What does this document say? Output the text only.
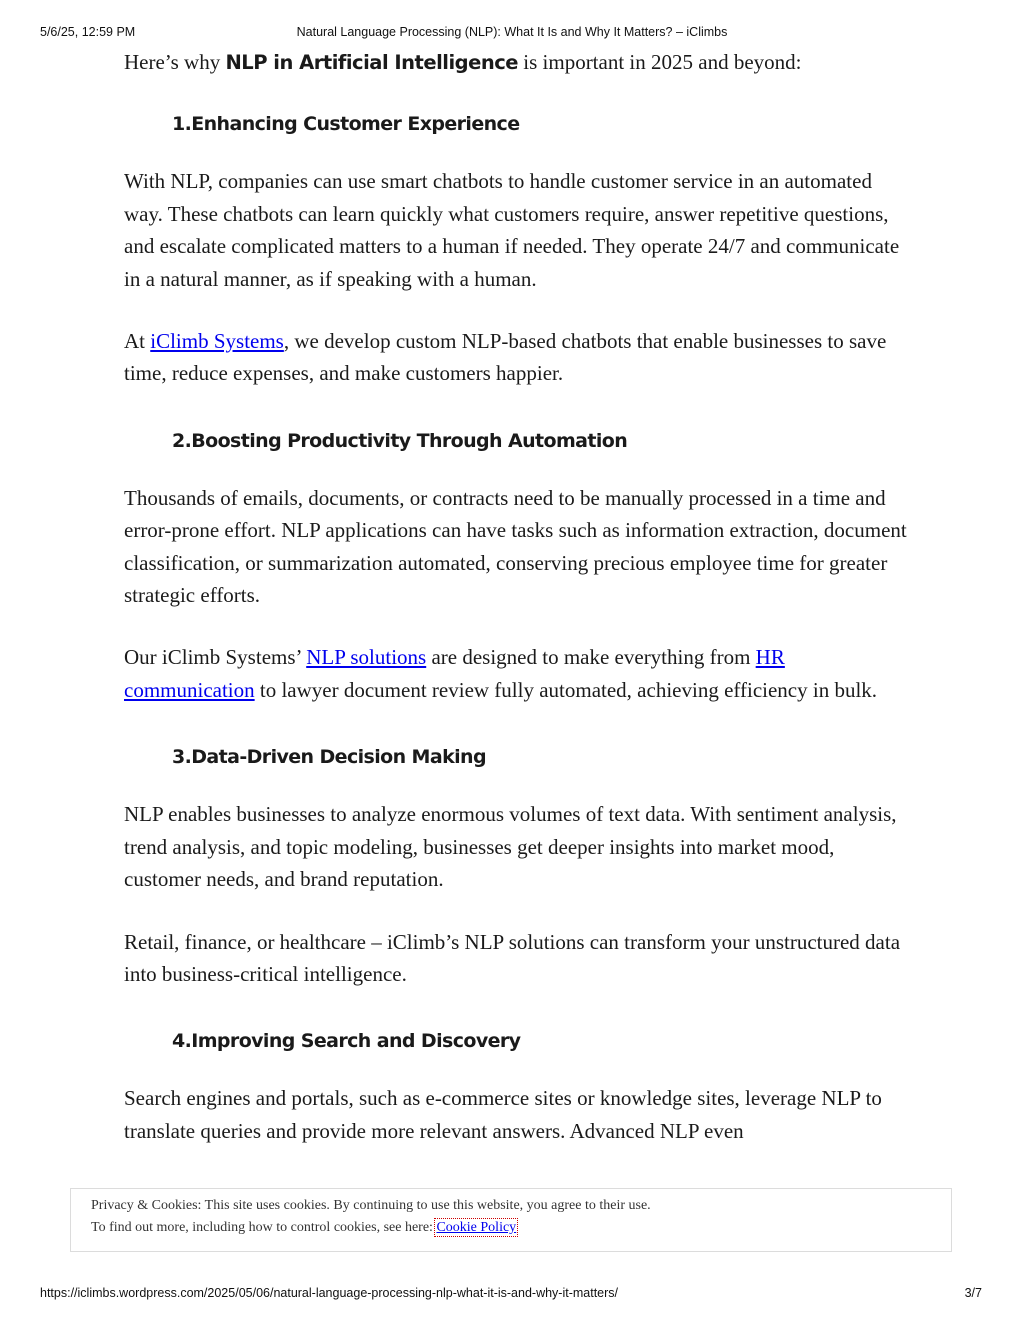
5/6/25, 12:59 PM	Natural Language Processing (NLP): What It Is and Why It Matters? – iClimbs

Here’s why NLP in Artificial Intelligence is important in 2025 and beyond:

1.Enhancing Customer Experience

With NLP, companies can use smart chatbots to handle customer service in an automated way. These chatbots can learn quickly what customers require, answer repetitive questions, and escalate complicated matters to a human if needed. They operate 24/7 and communicate in a natural manner, as if speaking with a human.

At iClimb Systems, we develop custom NLP-based chatbots that enable businesses to save time, reduce expenses, and make customers happier.

2.Boosting Productivity Through Automation

Thousands of emails, documents, or contracts need to be manually processed in a time and error-prone effort. NLP applications can have tasks such as information extraction, document classification, or summarization automated, conserving precious employee time for greater strategic efforts.

Our iClimb Systems’ NLP solutions are designed to make everything from HR communication to lawyer document review fully automated, achieving efficiency in bulk.

3.Data-Driven Decision Making

NLP enables businesses to analyze enormous volumes of text data. With sentiment analysis, trend analysis, and topic modeling, businesses get deeper insights into market mood, customer needs, and brand reputation.

Retail, finance, or healthcare – iClimb’s NLP solutions can transform your unstructured data into business-critical intelligence.

4.Improving Search and Discovery

Search engines and portals, such as e-commerce sites or knowledge sites, leverage NLP to translate queries and provide more relevant answers. Advanced NLP even

Privacy & Cookies: This site uses cookies. By continuing to use this website, you agree to their use.
To find out more, including how to control cookies, see here: Cookie Policy
https://iclimbs.wordpress.com/2025/05/06/natural-language-processing-nlp-what-it-is-and-why-it-matters/	3/7
